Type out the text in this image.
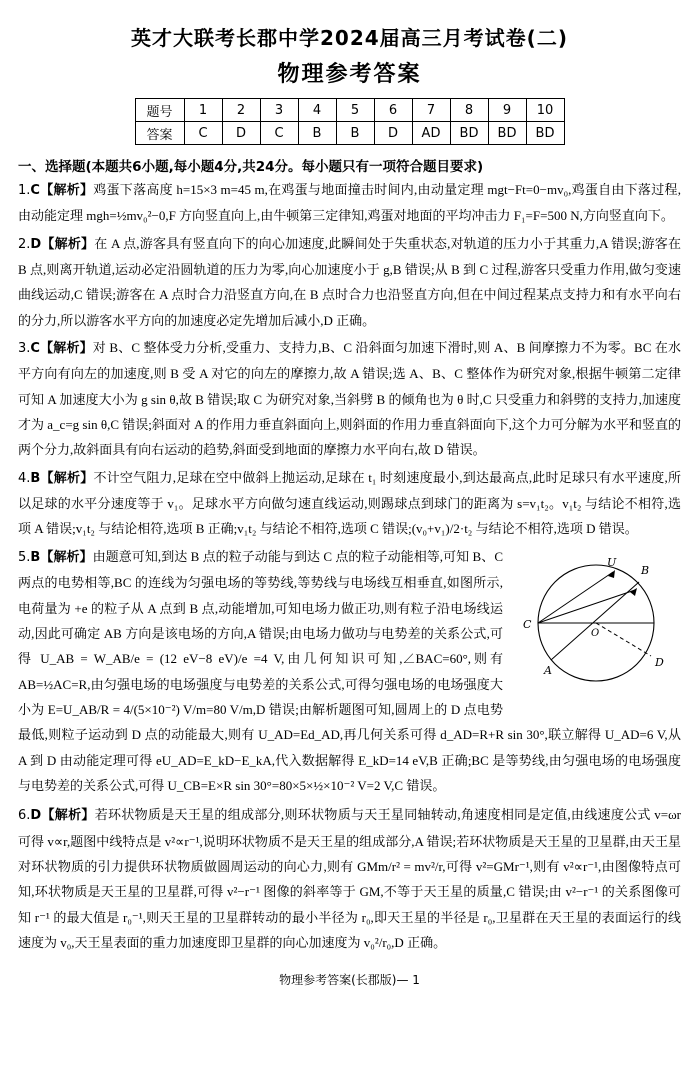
英才大联考长郡中学2024届高三月考试卷(二)
物理参考答案
题号	1	2	3	4	5	6	7	8	9	10
答案	C	D	C	B	B	D	AD	BD	BD	BD
一、选择题(本题共6小题,每小题4分,共24分。每小题只有一项符合题目要求)
1.C【解析】鸡蛋下落高度 h=15×3 m=45 m,在鸡蛋与地面撞击时间内,由动量定理 mgt−Ft=0−mv₀,鸡蛋自由下落过程,由动能定理 mgh=½mv₀²−0,F 方向竖直向上,由牛顿第三定律知,鸡蛋对地面的平均冲击力 F₁=F=500 N,方向竖直向下。
2.D【解析】在 A 点,游客具有竖直向下的向心加速度,此瞬间处于失重状态,对轨道的压力小于其重力,A 错误;游客在 B 点,则离开轨道,运动必定沿圆轨道的压力为零,向心加速度小于 g,B 错误;从 B 到 C 过程,游客只受重力作用,做匀变速曲线运动,C 错误;游客在 A 点时合力沿竖直方向,在 B 点时合力也沿竖直方向,但在中间过程某点支持力和有水平向右的分力,所以游客水平方向的加速度必定先增加后减小,D 正确。
3.C【解析】对 B、C 整体受力分析,受重力、支持力,B、C 沿斜面匀加速下滑时,则 A、B 间摩擦力不为零。BC 在水平方向有向左的加速度,则 B 受 A 对它的向左的摩擦力,故 A 错误;选 A、B、C 整体作为研究对象,根据牛顿第二定律可知 A 加速度大小为 g sin θ,故 B 错误;取 C 为研究对象,当斜劈 B 的倾角也为 θ 时,C 只受重力和斜劈的支持力,加速度才为 a_c=g sin θ,C 错误;斜面对 A 的作用力垂直斜面向上,则斜面的作用力垂直斜面向下,这个力可分解为水平和竖直的两个分力,故斜面具有向右运动的趋势,斜面受到地面的摩擦力水平向右,故 D 错误。
4.B【解析】不计空气阻力,足球在空中做斜上抛运动,足球在 t₁ 时刻速度最小,到达最高点,此时足球只有水平速度,所以足球的水平分速度等于 v₁。足球水平方向做匀速直线运动,则踢球点到球门的距离为 s=v₁t₂。v₁t₂ 与结论不相符,选项 A 错误;v₁t₂ 与结论相符,选项 B 正确;v₁t₂ 与结论不相符,选项 C 错误;(v₀+v₁)/2·t₂ 与结论不相符,选项 D 错误。
U
B
C
A
D
O
5.B【解析】由题意可知,到达 B 点的粒子动能与到达 C 点的粒子动能相等,可知 B、C 两点的电势相等,BC 的连线为匀强电场的等势线,等势线与电场线互相垂直,如图所示,电荷量为 +e 的粒子从 A 点到 B 点,动能增加,可知电场力做正功,则有粒子沿电场线运动,因此可确定 AB 方向是该电场的方向,A 错误;由电场力做功与电势差的关系公式,可得 U_AB = W_AB/e = (12 eV−8 eV)/e =4 V,由几何知识可知,∠BAC=60°,则有 AB=½AC=R,由匀强电场的电场强度与电势差的关系公式,可得匀强电场的电场强度大小为 E=U_AB/R = 4/(5×10⁻²) V/m=80 V/m,D 错误;由解析题图可知,圆周上的 D 点电势最低,则粒子运动到 D 点的动能最大,则有 U_AD=Ed_AD,再几何关系可得 d_AD=R+R sin 30°,联立解得 U_AD=6 V,从 A 到 D 由动能定理可得 eU_AD=E_kD−E_kA,代入数据解得 E_kD=14 eV,B 正确;BC 是等势线,由匀强电场的电场强度与电势差的关系公式,可得 U_CB=E×R sin 30°=80×5×½×10⁻² V=2 V,C 错误。
6.D【解析】若环状物质是天王星的组成部分,则环状物质与天王星同轴转动,角速度相同是定值,由线速度公式 v=ωr 可得 v∝r,题图中线特点是 v²∝r⁻¹,说明环状物质不是天王星的组成部分,A 错误;若环状物质是天王星的卫星群,由天王星对环状物质的引力提供环状物质做圆周运动的向心力,则有 GMm/r² = mv²/r,可得 v²=GMr⁻¹,则有 v²∝r⁻¹,由图像特点可知,环状物质是天王星的卫星群,可得 v²−r⁻¹ 图像的斜率等于 GM,不等于天王星的质量,C 错误;由 v²−r⁻¹ 的关系图像可知 r⁻¹ 的最大值是 r₀⁻¹,则天王星的卫星群转动的最小半径为 r₀,即天王星的半径是 r₀,卫星群在天王星的表面运行的线速度为 v₀,天王星表面的重力加速度即卫星群的向心加速度为 v₀²/r₀,D 正确。
物理参考答案(长郡版)— 1
